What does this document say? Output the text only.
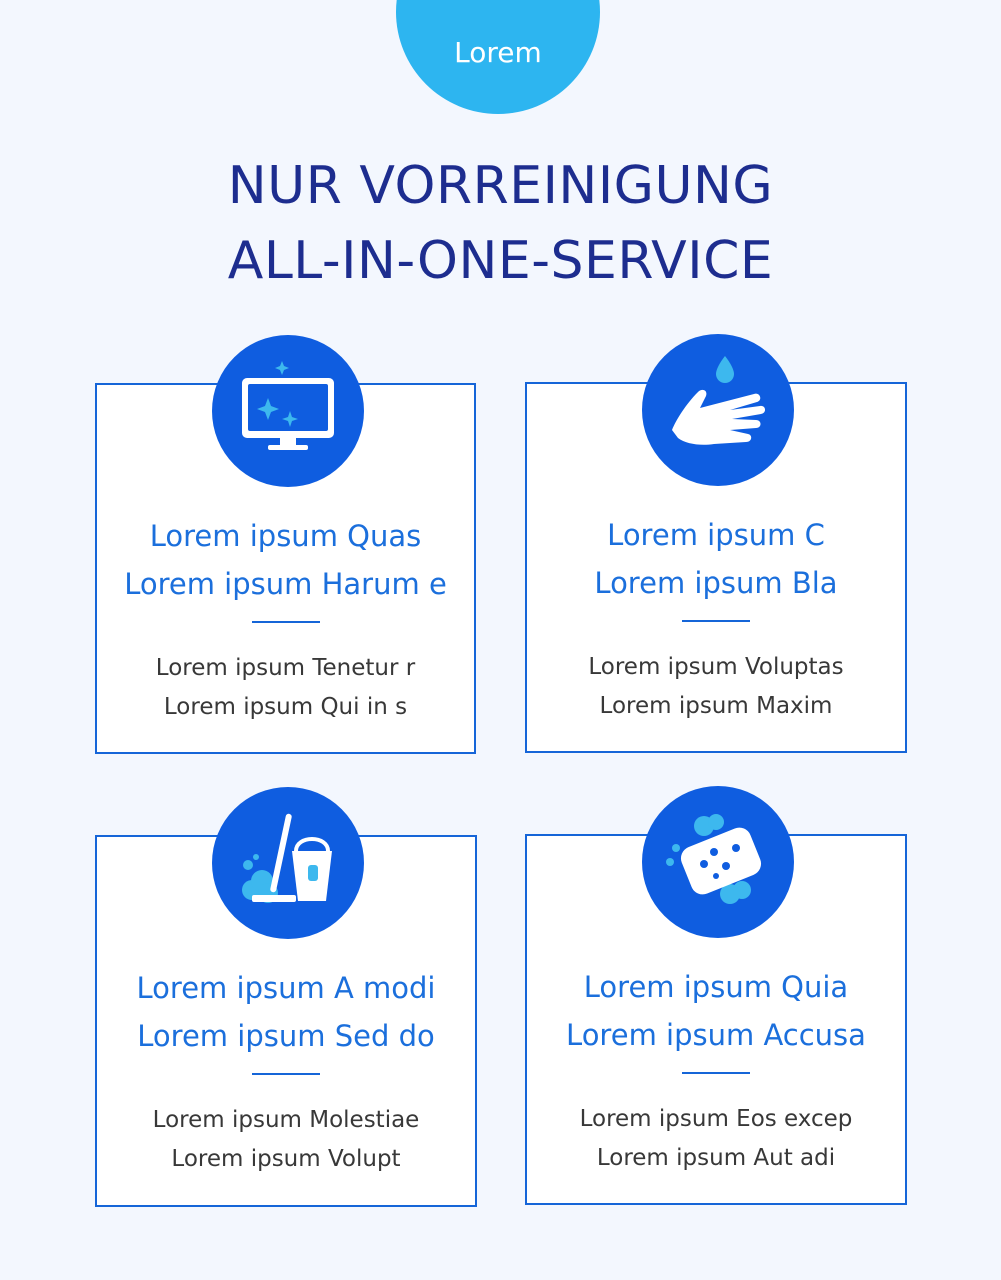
Lorem
NUR VORREINIGUNG
ALL-IN-ONE-SERVICE
Lorem ipsum Quas
Lorem ipsum Harum e
Lorem ipsum Tenetur r
Lorem ipsum Qui in s
Lorem ipsum C
Lorem ipsum Bla
Lorem ipsum Voluptas
Lorem ipsum Maxim
Lorem ipsum A modi
Lorem ipsum Sed do
Lorem ipsum Molestiae
Lorem ipsum Volupt
Lorem ipsum Quia
Lorem ipsum Accusa
Lorem ipsum Eos excep
Lorem ipsum Aut adi
